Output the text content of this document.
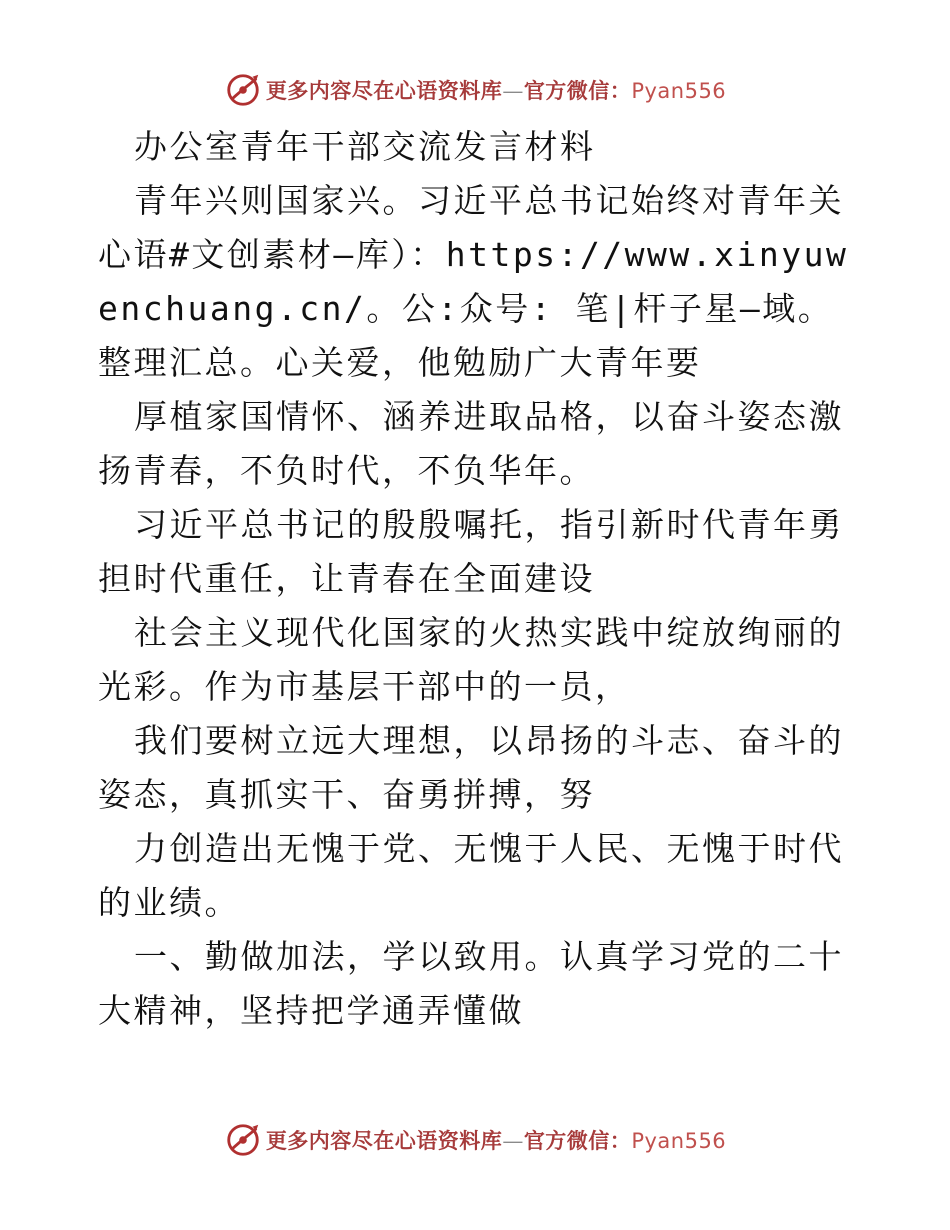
更多内容尽在心语资料库—官方微信：Pyan556

办公室青年干部交流发言材料

青年兴则国家兴。习近平总书记始终对青年关心语#文创素材—库）：https://www.xinyuwenchuang.cn/。公:众号: 笔|杆子星—域。整理汇总。心关爱，他勉励广大青年要

厚植家国情怀、涵养进取品格，以奋斗姿态激扬青春，不负时代，不负华年。

习近平总书记的殷殷嘱托，指引新时代青年勇担时代重任，让青春在全面建设

社会主义现代化国家的火热实践中绽放绚丽的光彩。作为市基层干部中的一员，

我们要树立远大理想，以昂扬的斗志、奋斗的姿态，真抓实干、奋勇拼搏，努

力创造出无愧于党、无愧于人民、无愧于时代的业绩。

一、勤做加法，学以致用。认真学习党的二十大精神，坚持把学通弄懂做

更多内容尽在心语资料库—官方微信：Pyan556
